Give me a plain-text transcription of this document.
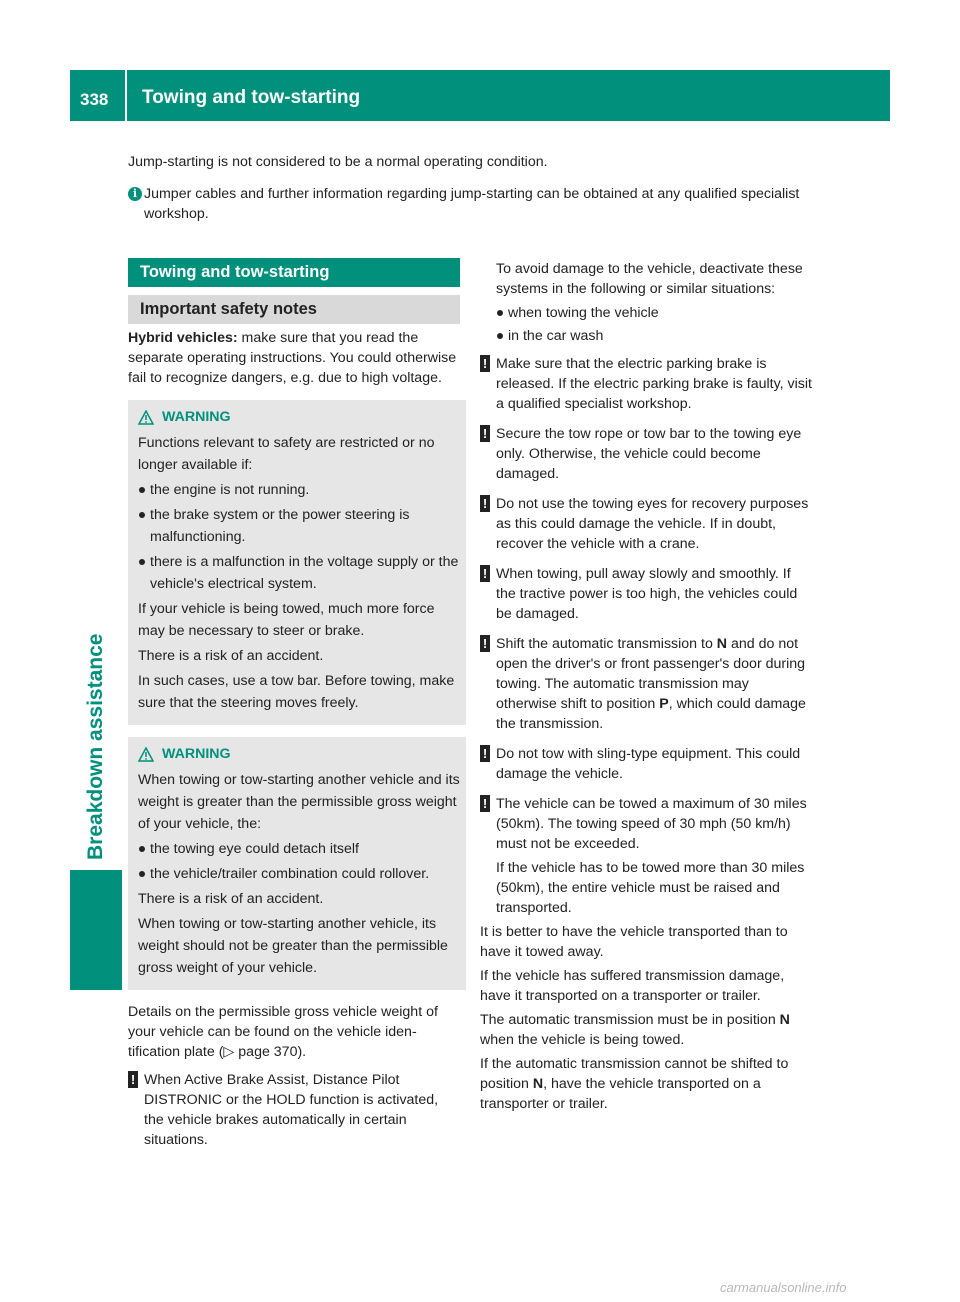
338 Towing and tow-starting
Breakdown assistance

Jump-starting is not considered to be a normal operating condition.

i Jumper cables and further information regarding jump-starting can be obtained at any qualified specialist workshop.
Towing and tow-starting
Important safety notes

Hybrid vehicles: make sure that you read the separate operating instructions. You could otherwise fail to recognize dangers, e.g. due to high voltage.

WARNING

Functions relevant to safety are restricted or no longer available if:

the engine is not running.
the brake system or the power steering is malfunctioning.
there is a malfunction in the voltage supply or the vehicle's electrical system.

If your vehicle is being towed, much more force may be necessary to steer or brake.

There is a risk of an accident.

In such cases, use a tow bar. Before towing, make sure that the steering moves freely.

WARNING

When towing or tow-starting another vehicle and its weight is greater than the permissible gross weight of your vehicle, the:

the towing eye could detach itself
the vehicle/trailer combination could rollover.

There is a risk of an accident.

When towing or tow-starting another vehicle, its weight should not be greater than the permissible gross weight of your vehicle.

Details on the permissible gross vehicle weight of your vehicle can be found on the vehicle identification plate (▷ page 370).

! When Active Brake Assist, Distance Pilot DISTRONIC or the HOLD function is activated, the vehicle brakes automatically in certain situations.

To avoid damage to the vehicle, deactivate these systems in the following or similar situations:

when towing the vehicle
in the car wash
! Make sure that the electric parking brake is released. If the electric parking brake is faulty, visit a qualified specialist workshop.
! Secure the tow rope or tow bar to the towing eye only. Otherwise, the vehicle could become damaged.
! Do not use the towing eyes for recovery purposes as this could damage the vehicle. If in doubt, recover the vehicle with a crane.
! When towing, pull away slowly and smoothly. If the tractive power is too high, the vehicles could be damaged.
! Shift the automatic transmission to N and do not open the driver's or front passenger's door during towing. The automatic transmission may otherwise shift to position P, which could damage the transmission.
! Do not tow with sling-type equipment. This could damage the vehicle.
! The vehicle can be towed a maximum of 30 miles (50km). The towing speed of 30 mph (50 km/h) must not be exceeded.

If the vehicle has to be towed more than 30 miles (50km), the entire vehicle must be raised and transported.

It is better to have the vehicle transported than to have it towed away.

If the vehicle has suffered transmission damage, have it transported on a transporter or trailer.

The automatic transmission must be in position N when the vehicle is being towed.

If the automatic transmission cannot be shifted to position N, have the vehicle transported on a transporter or trailer.

carmanualsonline.info
